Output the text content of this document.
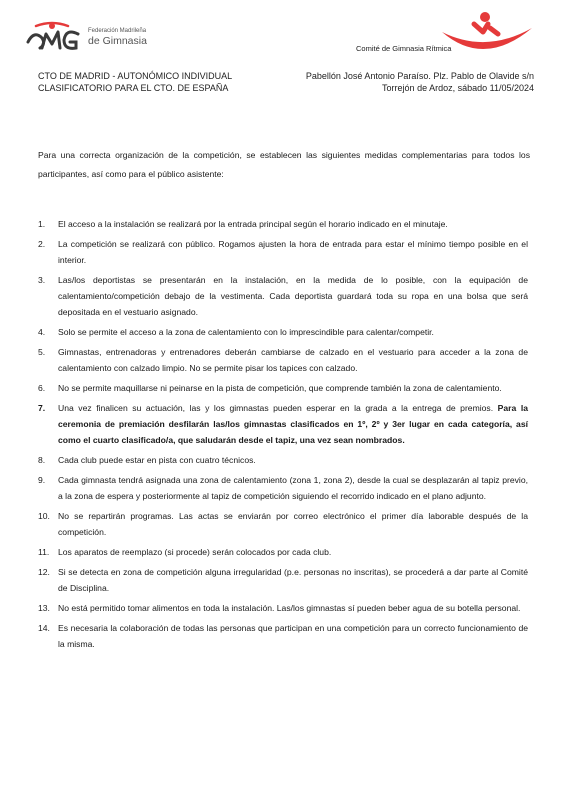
Federación Madrileña
de Gimnasia
Comité de Gimnasia Rítmica
CTO DE MADRID - AUTONÓMICO INDIVIDUAL
CLASIFICATORIO PARA EL CTO. DE ESPAÑA
Pabellón José Antonio Paraíso. Plz. Pablo de Olavide s/n
Torrejón de Ardoz, sábado 11/05/2024
Para una correcta organización de la competición, se establecen las siguientes medidas complementarias para todos los participantes, así como para el público asistente:
1.	El acceso a la instalación se realizará por la entrada principal según el horario indicado en el minutaje.
2.	La competición se realizará con público. Rogamos ajusten la hora de entrada para estar el mínimo tiempo posible en el interior.
3.	Las/los deportistas se presentarán en la instalación, en la medida de lo posible, con la equipación de calentamiento/competición debajo de la vestimenta. Cada deportista guardará toda su ropa en una bolsa que será depositada en el vestuario asignado.
4.	Solo se permite el acceso a la zona de calentamiento con lo imprescindible para calentar/competir.
5.	Gimnastas, entrenadoras y entrenadores deberán cambiarse de calzado en el vestuario para acceder a la zona de calentamiento con calzado limpio. No se permite pisar los tapices con calzado.
6.	No se permite maquillarse ni peinarse en la pista de competición, que comprende también la zona de calentamiento.
7.	Una vez finalicen su actuación, las y los gimnastas pueden esperar en la grada a la entrega de premios. Para la ceremonia de premiación desfilarán las/los gimnastas clasificados en 1º, 2º y 3er lugar en cada categoría, así como el cuarto clasificado/a, que saludarán desde el tapiz, una vez sean nombrados.
8.	Cada club puede estar en pista con cuatro técnicos.
9.	Cada gimnasta tendrá asignada una zona de calentamiento (zona 1, zona 2), desde la cual se desplazarán al tapiz previo, a la zona de espera y posteriormente al tapiz de competición siguiendo el recorrido indicado en el plano adjunto.
10. No se repartirán programas. Las actas se enviarán por correo electrónico el primer día laborable después de la competición.
11.	Los aparatos de reemplazo (si procede) serán colocados por cada club.
12. Si se detecta en zona de competición alguna irregularidad (p.e. personas no inscritas), se procederá a dar parte al Comité de Disciplina.
13. No está permitido tomar alimentos en toda la instalación. Las/los gimnastas sí pueden beber agua de su botella personal.
14. Es necesaria la colaboración de todas las personas que participan en una competición para un correcto funcionamiento de la misma.
